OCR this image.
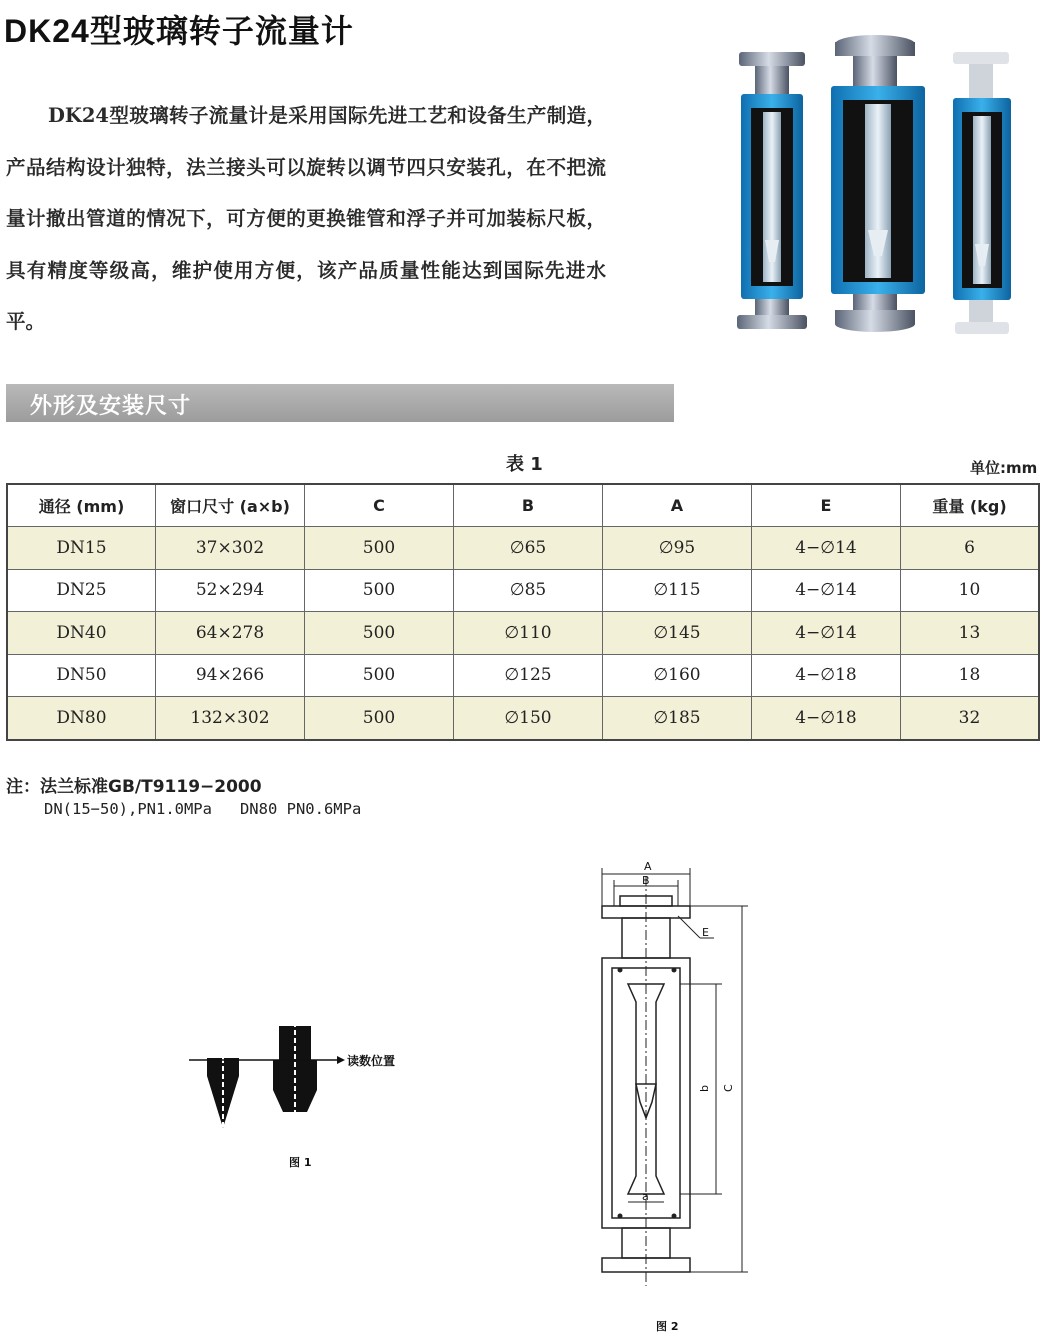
DK24型玻璃转子流量计
DK24型玻璃转子流量计是采用国际先进工艺和设备生产制造，产品结构设计独特，法兰接头可以旋转以调节四只安装孔，在不把流量计撤出管道的情况下，可方便的更换锥管和浮子并可加装标尺板，具有精度等级高，维护使用方便，该产品质量性能达到国际先进水平。
外形及安装尺寸
表 1	单位:mm
通径 (mm)	窗口尺寸 (a×b)	C	B	A	E	重量 (kg)
DN15	37×302	500	∅65	∅95	4−∅14	6
DN25	52×294	500	∅85	∅115	4−∅14	10
DN40	64×278	500	∅110	∅145	4−∅14	13
DN50	94×266	500	∅125	∅160	4−∅18	18
DN80	132×302	500	∅150	∅185	4−∅18	32
注：法兰标准GB/T9119−2000
DN(15−50),PN1.0MPa   DN80 PN0.6MPa
读数位置
图 1
A
B
E
C
b
a
图 2
